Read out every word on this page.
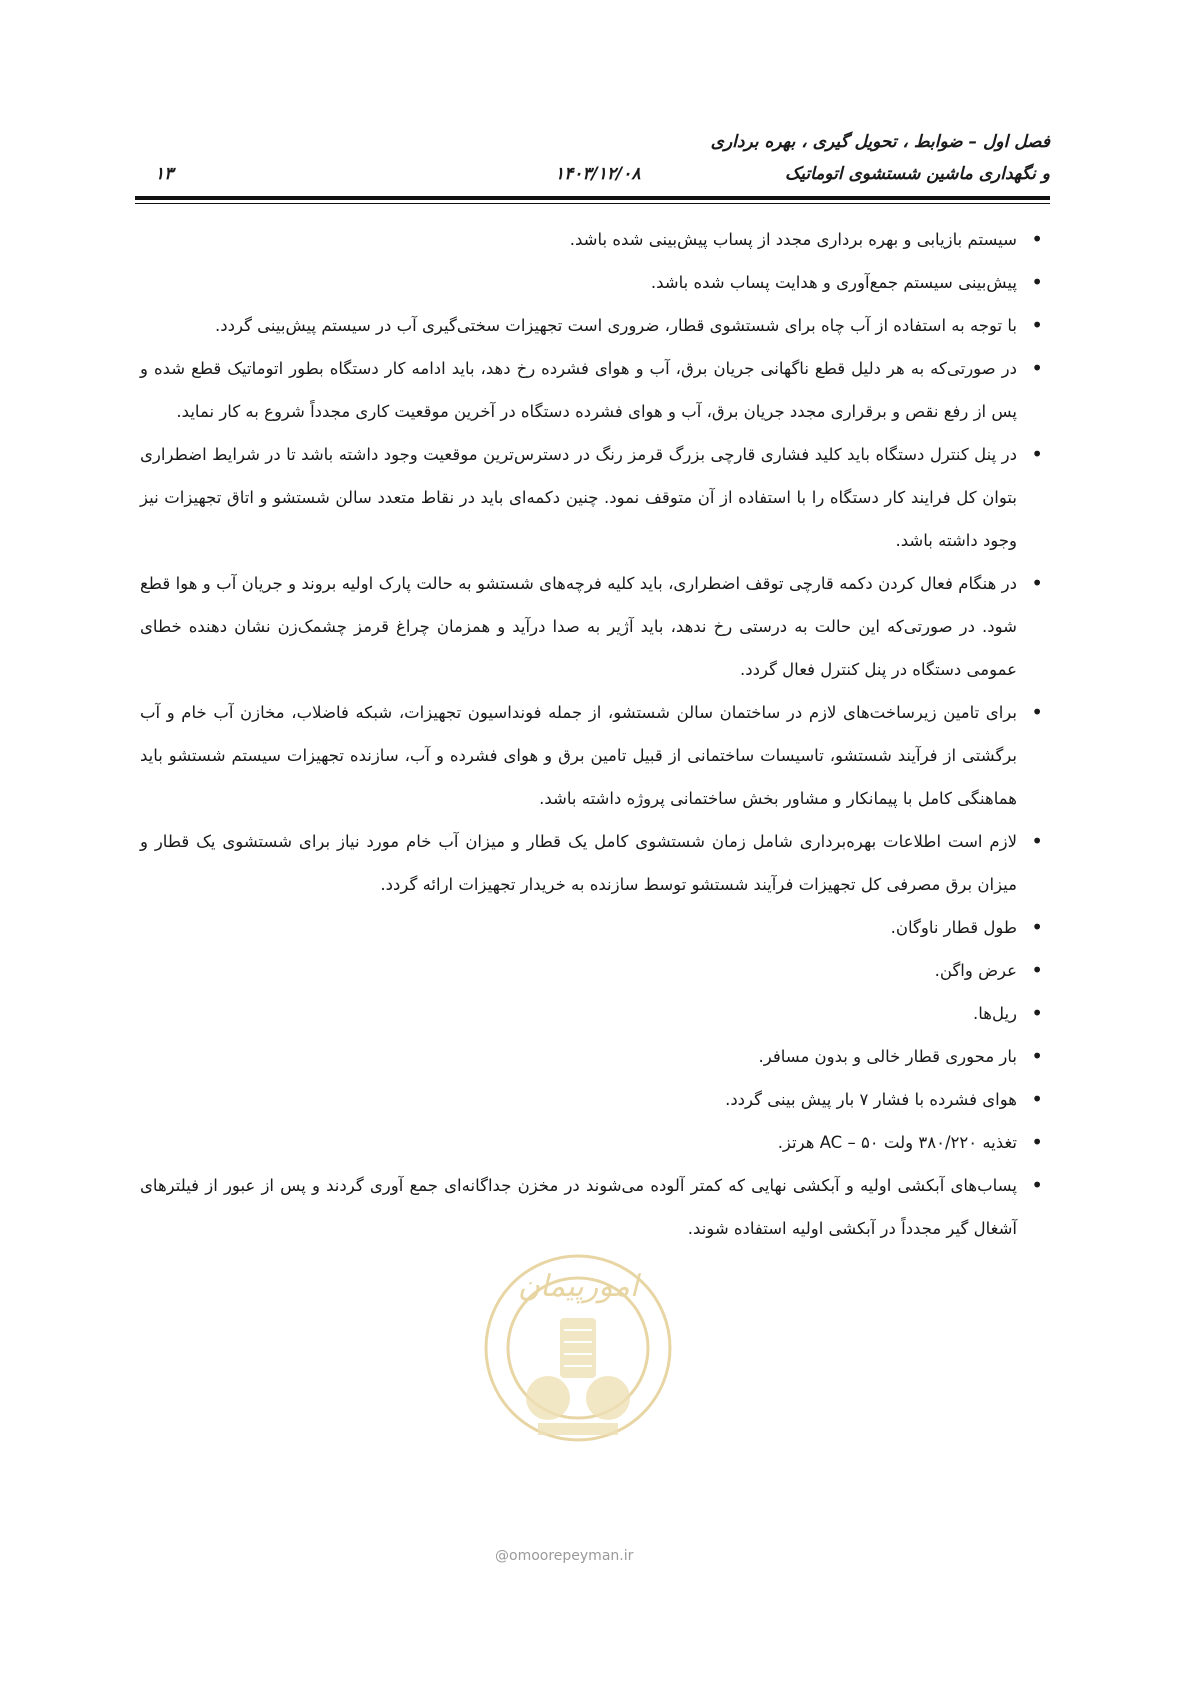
فصل اول – ضوابط ، تحویل گیری ، بهره برداری
و نگهداری ماشین شستشوی اتوماتیک
۱۴۰۳/۱۲/۰۸
۱۳
• سیستم بازیابی و بهره برداری مجدد از پساب پیش‌بینی شده باشد.
• پیش‌بینی سیستم جمع‌آوری و هدایت پساب شده باشد.
• با توجه به استفاده از آب چاه برای شستشوی قطار، ضروری است تجهیزات سختی‌گیری آب در سیستم پیش‌بینی گردد.
• در صورتی‌که به هر دلیل قطع ناگهانی جریان برق، آب و هوای فشرده رخ دهد، باید ادامه کار دستگاه بطور اتوماتیک قطع شده و پس از رفع نقص و برقراری مجدد جریان برق، آب و هوای فشرده دستگاه در آخرین موقعیت کاری مجدداً شروع به کار نماید.
• در پنل کنترل دستگاه باید کلید فشاری قارچی بزرگ قرمز رنگ در دسترس‌ترین موقعیت وجود داشته باشد تا در شرایط اضطراری بتوان کل فرایند کار دستگاه را با استفاده از آن متوقف نمود. چنین دکمه‌ای باید در نقاط متعدد سالن شستشو و اتاق تجهیزات نیز وجود داشته باشد.
• در هنگام فعال کردن دکمه قارچی توقف اضطراری، باید کلیه فرچه‌های شستشو به حالت پارک اولیه بروند و جریان آب و هوا قطع شود. در صورتی‌که این حالت به درستی رخ ندهد، باید آژیر به صدا درآید و همزمان چراغ قرمز چشمک‌زن نشان دهنده خطای عمومی دستگاه در پنل کنترل فعال گردد.
• برای تامین زیرساخت‌های لازم در ساختمان سالن شستشو، از جمله فونداسیون تجهیزات، شبکه فاضلاب، مخازن آب خام و آب برگشتی از فرآیند شستشو، تاسیسات ساختمانی از قبیل تامین برق و هوای فشرده و آب، سازنده تجهیزات سیستم شستشو باید هماهنگی کامل با پیمانکار و مشاور بخش ساختمانی پروژه داشته باشد.
• لازم است اطلاعات بهره‌برداری شامل زمان شستشوی کامل یک قطار و میزان آب خام مورد نیاز برای شستشوی یک قطار و میزان برق مصرفی کل تجهیزات فرآیند شستشو توسط سازنده به خریدار تجهیزات ارائه گردد.
• طول قطار ناوگان.
• عرض واگن.
• ریل‌ها.
• بار محوری قطار خالی و بدون مسافر.
• هوای فشرده با فشار ۷ بار پیش بینی گردد.
• تغذیه ۳۸۰/۲۲۰ ولت AC – ۵۰ هرتز.
• پساب‌های آبکشی اولیه و آبکشی نهایی که کمتر آلوده می‌شوند در مخزن جداگانه‌ای جمع آوری گردند و پس از عبور از فیلترهای آشغال گیر مجدداً در آبکشی اولیه استفاده شوند.
امورپیمان
@omoorepeyman.ir
